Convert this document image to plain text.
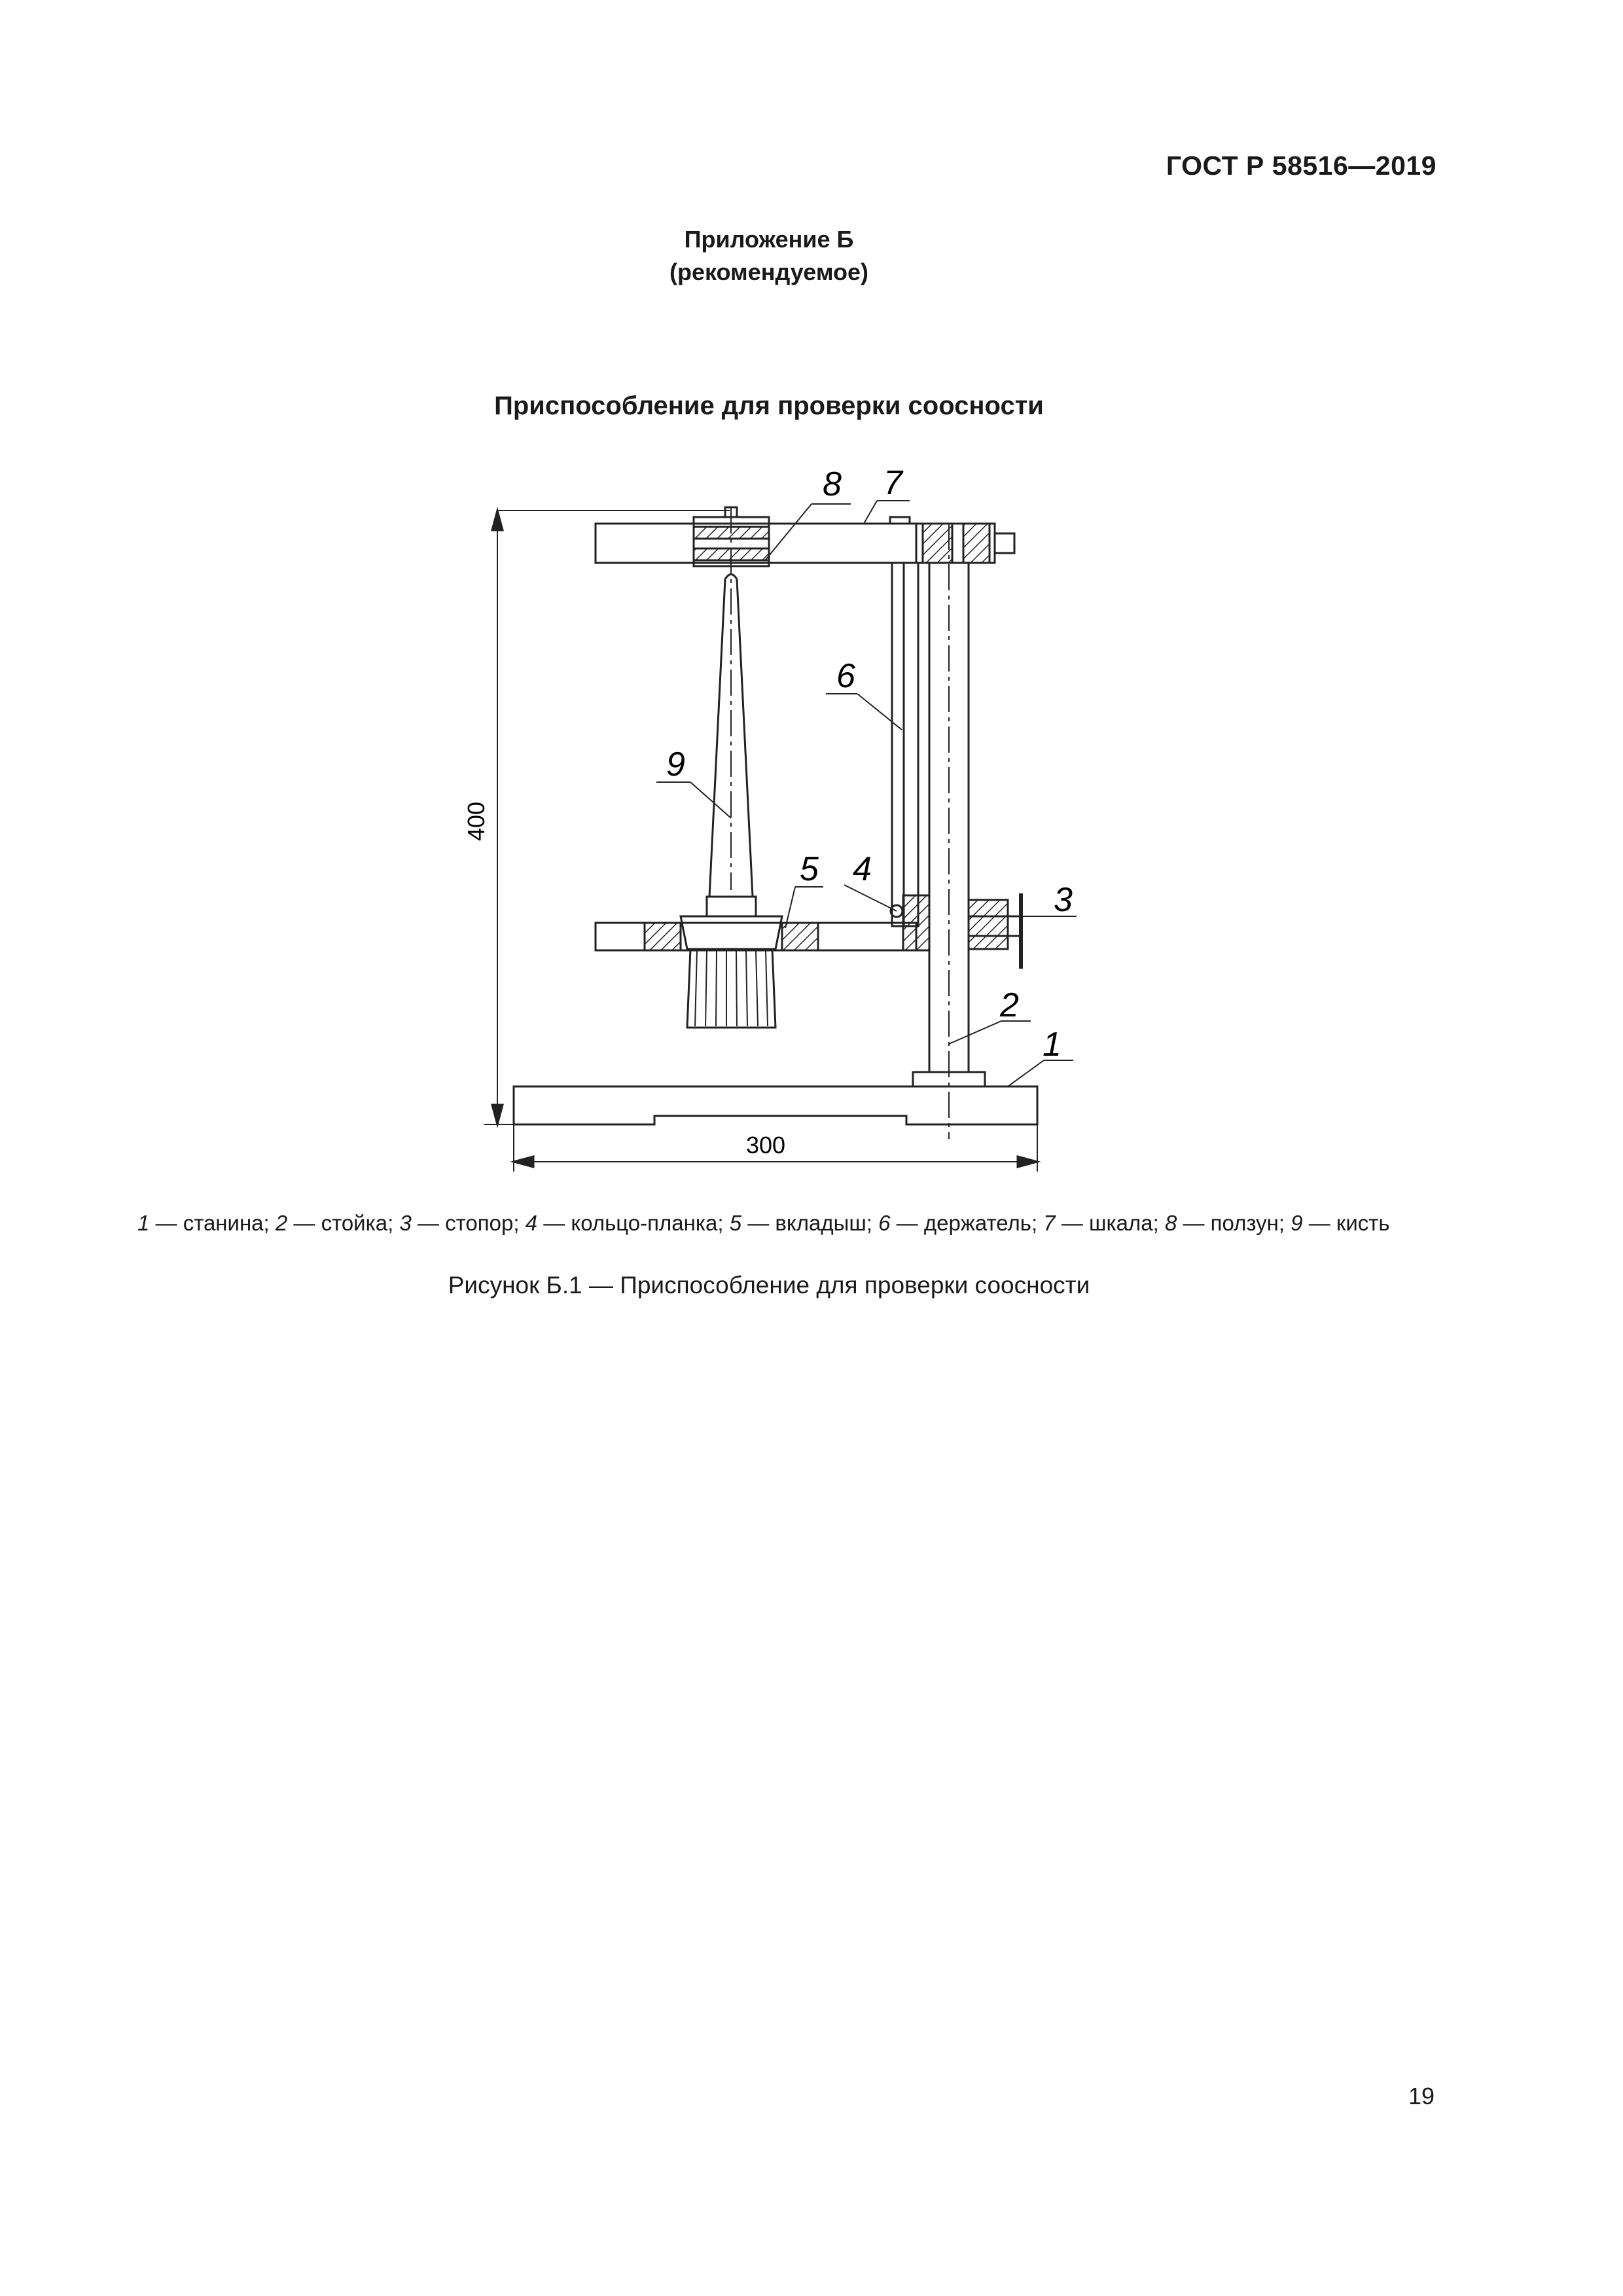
ГОСТ Р 58516—2019
Приложение Б
(рекомендуемое)
Приспособление для проверки соосности
400
300
1
2
3
4
5
6
7
8
9
1 — станина; 2 — стойка; 3 — стопор; 4 — кольцо-планка; 5 — вкладыш; 6 — держатель; 7 — шкала; 8 — ползун; 9 — кисть
Рисунок Б.1 — Приспособление для проверки соосности
19
